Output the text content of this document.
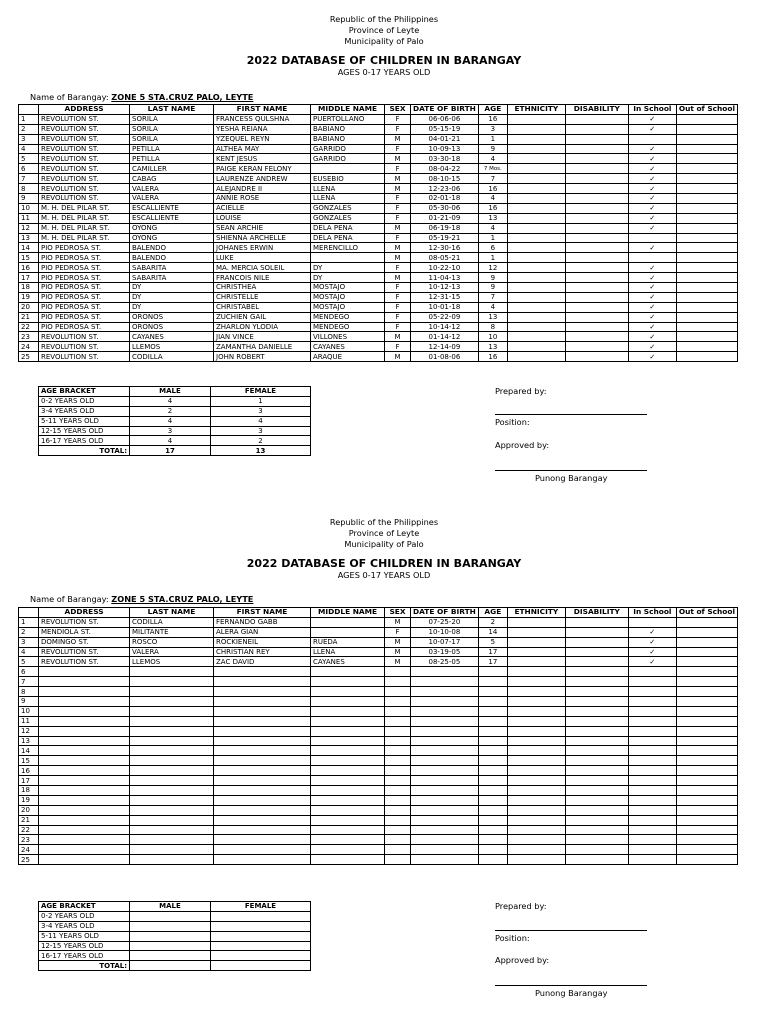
Republic of the Philippines
Province of Leyte
Municipality of Palo
2022 DATABASE OF CHILDREN IN BARANGAY
AGES 0-17 YEARS OLD
Name of Barangay: ZONE 5 STA.CRUZ PALO, LEYTE
	ADDRESS	LAST NAME	FIRST NAME	MIDDLE NAME	SEX	DATE OF BIRTH	AGE	ETHNICITY	DISABILITY	In School	Out of School
1	REVOLUTION ST.	SORILA	FRANCESS QULSHNA	PUERTOLLANO	F	06-06-06	16			✓	
2	REVOLUTION ST.	SORILA	YESHA REIANA	BABIANO	F	05-15-19	3			✓	
3	REVOLUTION ST.	SORILA	YZEQUEL REYN	BABIANO	M	04-01-21	1				
4	REVOLUTION ST.	PETILLA	ALTHEA MAY	GARRIDO	F	10-09-13	9			✓	
5	REVOLUTION ST.	PETILLA	KENT JESUS	GARRIDO	M	03-30-18	4			✓	
6	REVOLUTION ST.	CAMILLER	PAIGE KERAN FELONY		F	08-04-22	7 Mos.			✓	
7	REVOLUTION ST.	CABAG	LAURENZE ANDREW	EUSEBIO	M	08-10-15	7			✓	
8	REVOLUTION ST.	VALERA	ALEJANDRE II	LLENA	M	12-23-06	16			✓	
9	REVOLUTION ST.	VALERA	ANNIE ROSE	LLENA	F	02-01-18	4			✓	
10	M. H. DEL PILAR ST.	ESCALLIENTE	ACIELLE	GONZALES	F	05-30-06	16			✓	
11	M. H. DEL PILAR ST.	ESCALLIENTE	LOUISE	GONZALES	F	01-21-09	13			✓	
12	M. H. DEL PILAR ST.	OYONG	SEAN ARCHIE	DELA PENA	M	06-19-18	4			✓	
13	M. H. DEL PILAR ST.	OYONG	SHIENNA ARCHELLE	DELA PENA	F	05-19-21	1				
14	PIO PEDROSA ST.	BALENDO	JOHANES ERWIN	MERENCILLO	M	12-30-16	6			✓	
15	PIO PEDROSA ST.	BALENDO	LUKE		M	08-05-21	1				
16	PIO PEDROSA ST.	SABARITA	MA. MERCIA SOLEIL	DY	F	10-22-10	12			✓	
17	PIO PEDROSA ST.	SABARITA	FRANCOIS NILE	DY	M	11-04-13	9			✓	
18	PIO PEDROSA ST.	DY	CHRISTHEA	MOSTAJO	F	10-12-13	9			✓	
19	PIO PEDROSA ST.	DY	CHRISTELLE	MOSTAJO	F	12-31-15	7			✓	
20	PIO PEDROSA ST.	DY	CHRISTABEL	MOSTAJO	F	10-01-18	4			✓	
21	PIO PEDROSA ST.	ORONOS	ZUCHIEN GAIL	MENDEGO	F	05-22-09	13			✓	
22	PIO PEDROSA ST.	ORONOS	ZHARLON YLODIA	MENDEGO	F	10-14-12	8			✓	
23	REVOLUTION ST.	CAYANES	JIAN VINCE	VILLONES	M	01-14-12	10			✓	
24	REVOLUTION ST.	LLEMOS	ZAMANTHA DANIELLE	CAYANES	F	12-14-09	13			✓	
25	REVOLUTION ST.	CODILLA	JOHN ROBERT	ARAQUE	M	01-08-06	16			✓	
AGE BRACKET	MALE	FEMALE
0-2 YEARS OLD	4	1
3-4 YEARS OLD	2	3
5-11 YEARS OLD	4	4
12-15 YEARS OLD	3	3
16-17 YEARS OLD	4	2
TOTAL:	17	13
Prepared by:
Position:
Approved by:
Punong Barangay
Republic of the Philippines
Province of Leyte
Municipality of Palo
2022 DATABASE OF CHILDREN IN BARANGAY
AGES 0-17 YEARS OLD
Name of Barangay: ZONE 5 STA.CRUZ PALO, LEYTE
	ADDRESS	LAST NAME	FIRST NAME	MIDDLE NAME	SEX	DATE OF BIRTH	AGE	ETHNICITY	DISABILITY	In School	Out of School
1	REVOLUTION ST.	CODILLA	FERNANDO GABB		M	07-25-20	2				
2	MENDIOLA ST.	MILITANTE	ALERA GIAN		F	10-10-08	14			✓	
3	DOMINGO ST.	ROSCO	ROCKIENEIL	RUEDA	M	10-07-17	5			✓	
4	REVOLUTION ST.	VALERA	CHRISTIAN REY	LLENA	M	03-19-05	17			✓	
5	REVOLUTION ST.	LLEMOS	ZAC DAVID	CAYANES	M	08-25-05	17			✓	
6											
7											
8											
9											
10											
11											
12											
13											
14											
15											
16											
17											
18											
19											
20											
21											
22											
23											
24											
25											
AGE BRACKET	MALE	FEMALE
0-2 YEARS OLD		
3-4 YEARS OLD		
5-11 YEARS OLD		
12-15 YEARS OLD		
16-17 YEARS OLD		
TOTAL:		
Prepared by:
Position:
Approved by:
Punong Barangay
